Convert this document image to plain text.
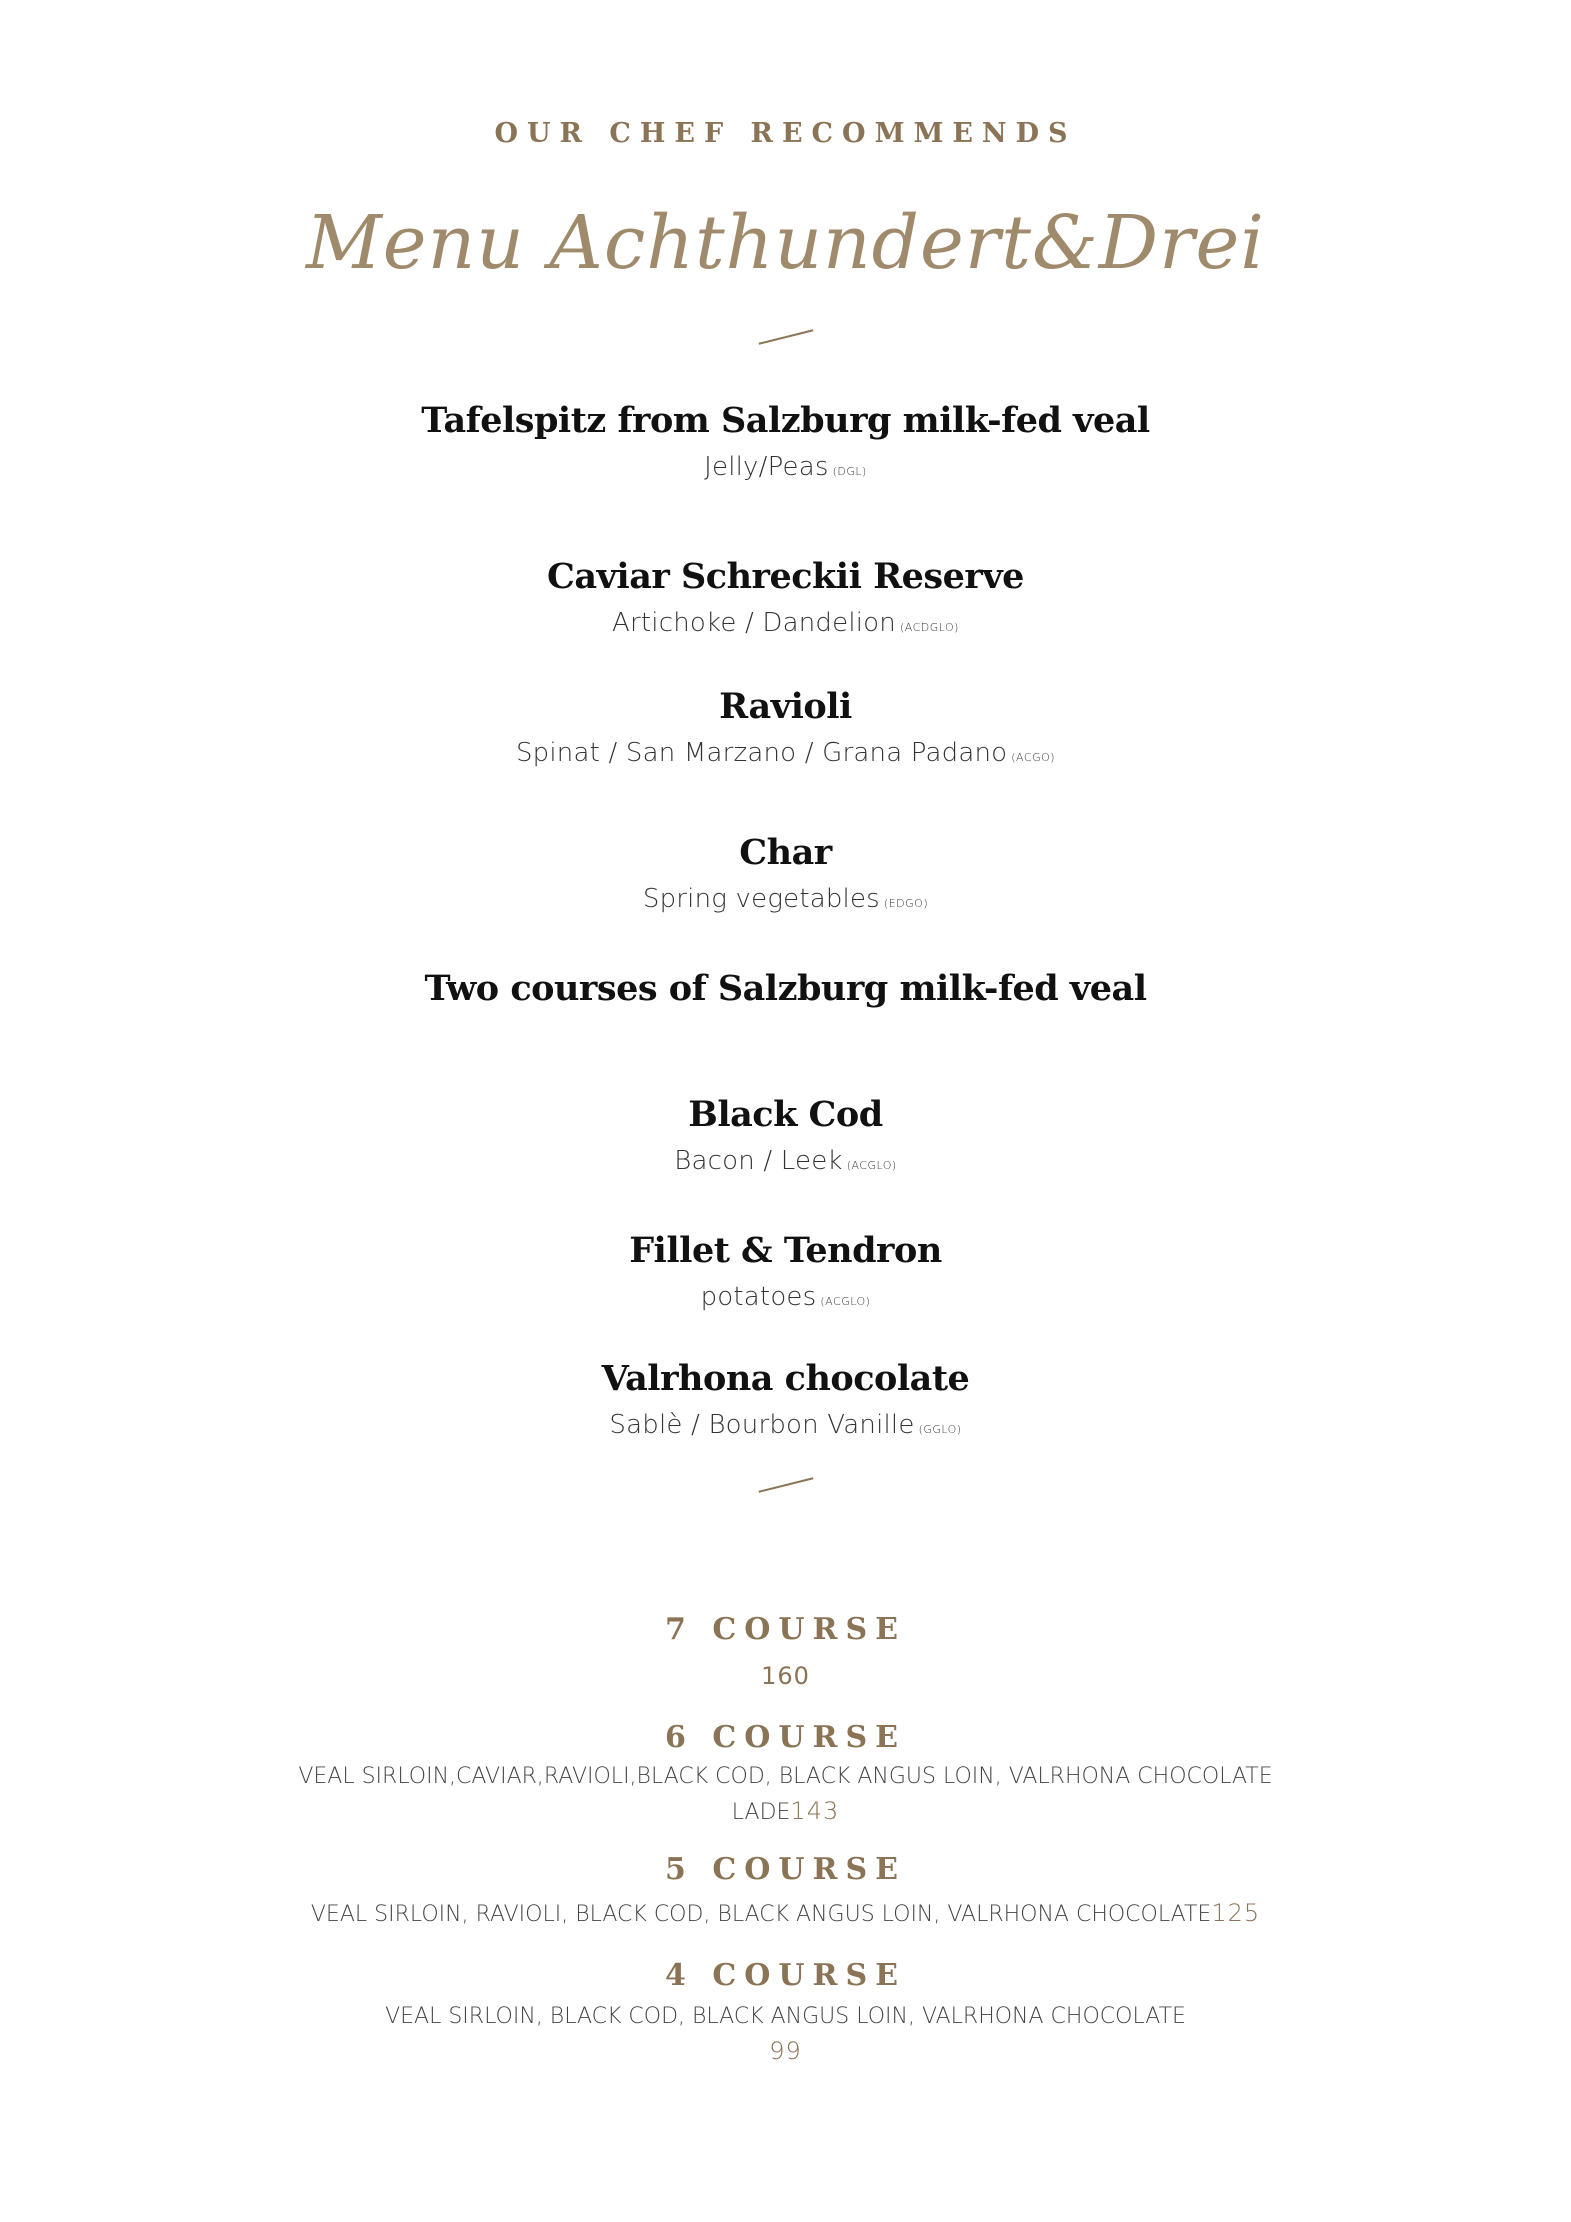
OUR CHEF RECOMMENDS
Menu Achthundert&Drei
Tafelspitz from Salzburg milk-fed veal
Jelly/Peas (DGL)
Caviar Schreckii Reserve
Artichoke / Dandelion (ACDGLO)
Ravioli
Spinat / San Marzano / Grana Padano (ACGO)
Char
Spring vegetables (EDGO)
Two courses of Salzburg milk-fed veal
Black Cod
Bacon / Leek (ACGLO)
Fillet & Tendron
potatoes (ACGLO)
Valrhona chocolate
Sablè / Bourbon Vanille (GGLO)
7 COURSE
160
6 COURSE
VEAL SIRLOIN,CAVIAR,RAVIOLI,BLACK COD, BLACK ANGUS LOIN, VALRHONA CHOCOLATE
LADE143
5 COURSE
VEAL SIRLOIN, RAVIOLI, BLACK COD, BLACK ANGUS LOIN, VALRHONA CHOCOLATE125
4 COURSE
VEAL SIRLOIN, BLACK COD, BLACK ANGUS LOIN, VALRHONA CHOCOLATE
99
